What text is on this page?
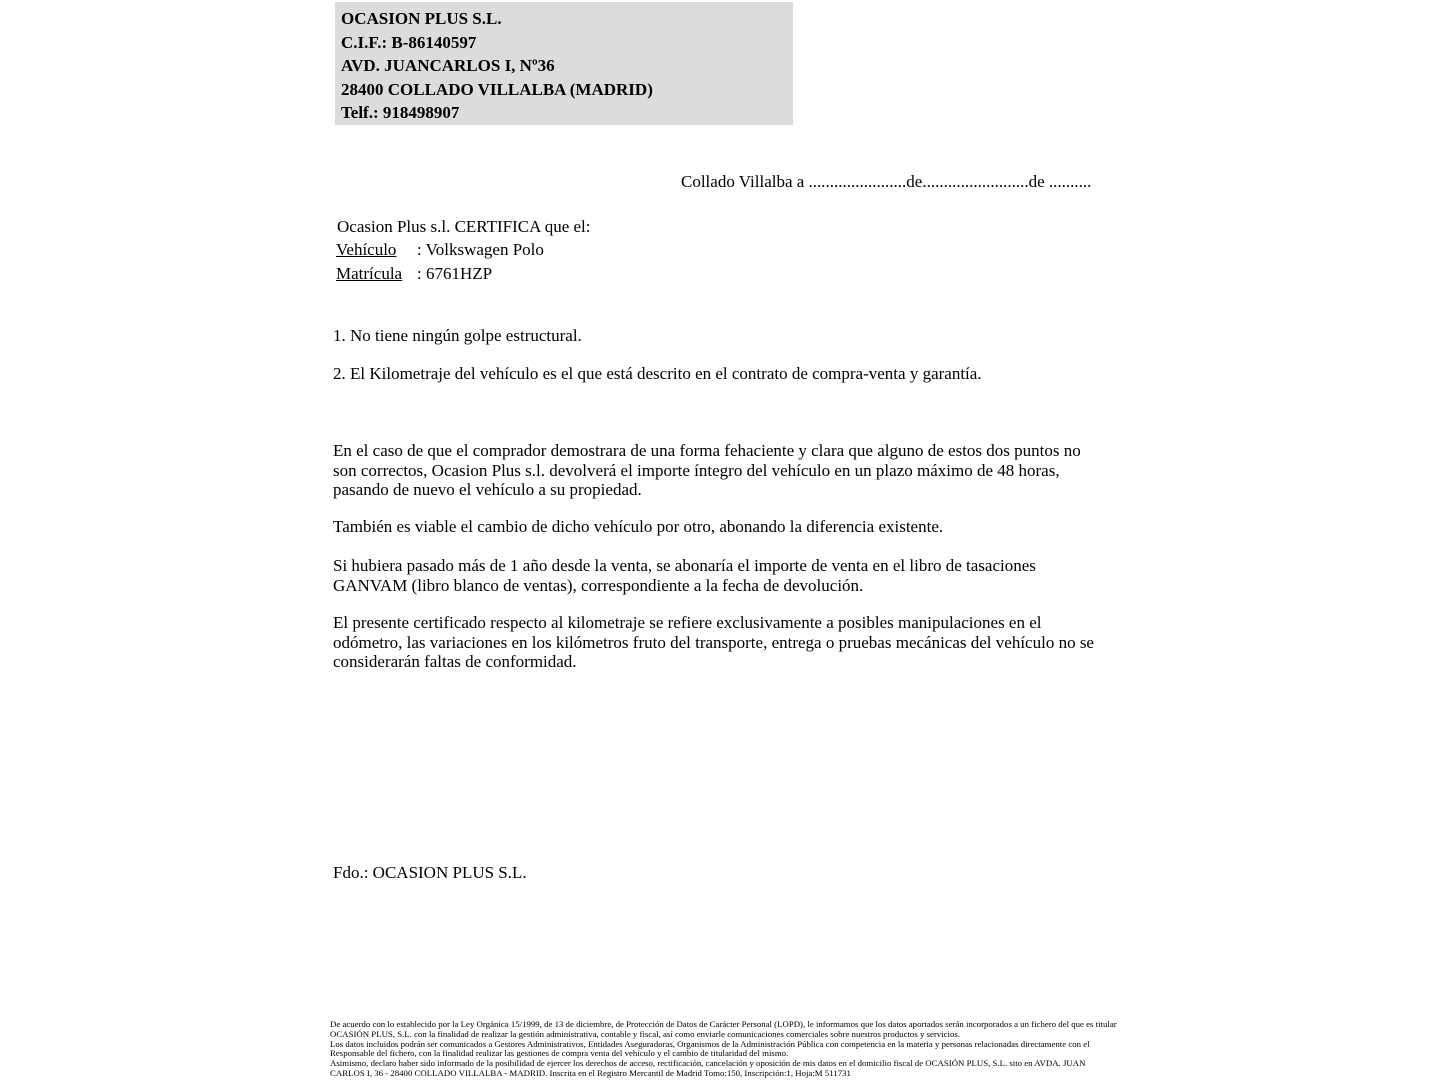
OCASION PLUS S.L.
C.I.F.: B-86140597
AVD. JUANCARLOS I, Nº36
28400 COLLADO VILLALBA (MADRID)
Telf.: 918498907
Collado Villalba a .......................de.........................de ..........
Ocasion Plus s.l. CERTIFICA que el:
Vehículo : Volkswagen Polo
Matrícula : 6761HZP
1. No tiene ningún golpe estructural.
2. El Kilometraje del vehículo es el que está descrito en el contrato de compra-venta y garantía.
En el caso de que el comprador demostrara de una forma fehaciente y clara que alguno de estos dos puntos no son correctos, Ocasion Plus s.l. devolverá el importe íntegro del vehículo en un plazo máximo de 48 horas, pasando de nuevo el vehículo a su propiedad.
También es viable el cambio de dicho vehículo por otro, abonando la diferencia existente.
Si hubiera pasado más de 1 año desde la venta, se abonaría el importe de venta en el libro de tasaciones GANVAM (libro blanco de ventas), correspondiente a la fecha de devolución.
El presente certificado respecto al kilometraje se refiere exclusivamente a posibles manipulaciones en el odómetro, las variaciones en los kilómetros fruto del transporte, entrega o pruebas mecánicas del vehículo no se considerarán faltas de conformidad.
Fdo.: OCASION PLUS S.L.
De acuerdo con lo establecido por la Ley Orgánica 15/1999, de 13 de diciembre, de Protección de Datos de Carácter Personal (LOPD), le informamos que los datos aportados serán incorporados a un fichero del que es titular
OCASIÓN PLUS, S.L. con la finalidad de realizar la gestión administrativa, contable y fiscal, así como enviarle comunicaciones comerciales sobre nuestros productos y servicios.
Los datos incluidos podrán ser comunicados a Gestores Administrativos, Entidades Aseguradoras, Organismos de la Administración Pública con competencia en la materia y personas relacionadas directamente con el
Responsable del fichero, con la finalidad realizar las gestiones de compra venta del vehículo y el cambio de titularidad del mismo.
Asimismo, declaro haber sido informado de la posibilidad de ejercer los derechos de acceso, rectificación, cancelación y oposición de mis datos en el domicilio fiscal de OCASIÓN PLUS, S.L. sito en AVDA. JUAN
CARLOS I, 36 - 28400 COLLADO VILLALBA - MADRID. Inscrita en el Registro Mercantil de Madrid Tomo:150, Inscripción:1, Hoja:M 511731
